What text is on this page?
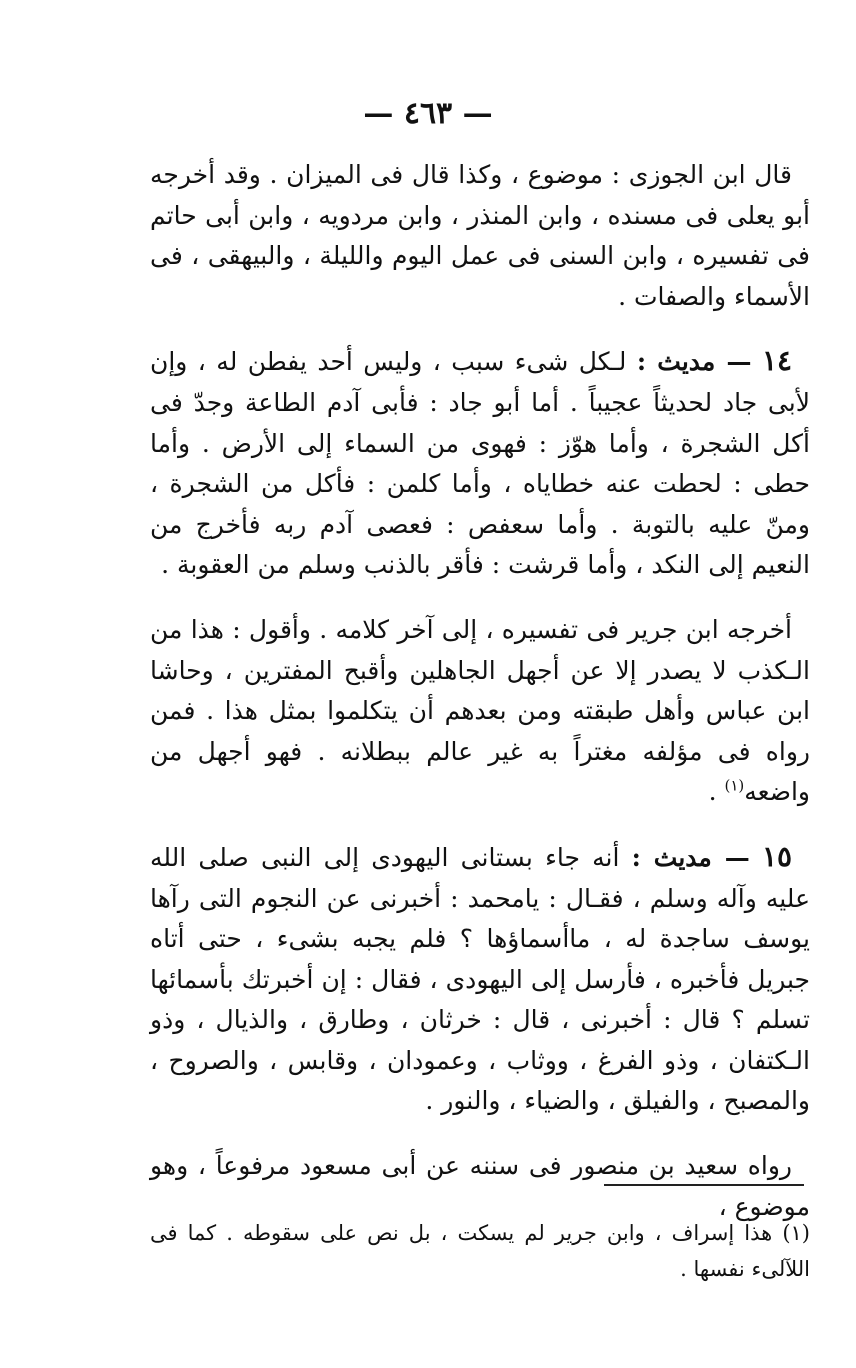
— ٤٦٣ —

قال ابن الجوزى : موضوع ، وكذا قال فى الميزان . وقد أخرجه أبو يعلى فى مسنده ، وابن المنذر ، وابن مردويه ، وابن أبى حاتم فى تفسيره ، وابن السنى فى عمل اليوم والليلة ، والبيهقى ، فى الأسماء والصفات .

١٤ — مديث : لـكل شىء سبب ، وليس أحد يفطن له ، وإن لأبى جاد لحديثاً عجيباً . أما أبو جاد : فأبى آدم الطاعة وجدّ فى أكل الشجرة ، وأما هوّز : فهوى من السماء إلى الأرض . وأما حطى : لحطت عنه خطاياه ، وأما كلمن : فأكل من الشجرة ، ومنّ عليه بالتوبة . وأما سعفص : فعصى آدم ربه فأخرج من النعيم إلى النكد ، وأما قرشت : فأقر بالذنب وسلم من العقوبة .

أخرجه ابن جرير فى تفسيره ، إلى آخر كلامه . وأقول : هذا من الـكذب لا يصدر إلا عن أجهل الجاهلين وأقبح المفترين ، وحاشا ابن عباس وأهل طبقته ومن بعدهم أن يتكلموا بمثل هذا . فمن رواه فى مؤلفه مغتراً به غير عالم ببطلانه . فهو أجهل من واضعه$^{(١)}$ .

١٥ — مديث : أنه جاء بستانى اليهودى إلى النبى صلى الله عليه وآله وسلم ، فقـال : يامحمد : أخبرنى عن النجوم التى رآها يوسف ساجدة له ، ماأسماؤها ؟ فلم يجبه بشىء ، حتى أتاه جبريل فأخبره ، فأرسل إلى اليهودى ، فقال : إن أخبرتك بأسمائها تسلم ؟ قال : أخبرنى ، قال : خرثان ، وطارق ، والذيال ، وذو الـكتفان ، وذو الفرغ ، ووثاب ، وعمودان ، وقابس ، والصروح ، والمصبح ، والفيلق ، والضياء ، والنور .

رواه سعيد بن منصور فى سننه عن أبى مسعود مرفوعاً ، وهو موضوع ،

(١) هذا إسراف ، وابن جرير لم يسكت ، بل نص على سقوطه . كما فى اللآلىء نفسها .
